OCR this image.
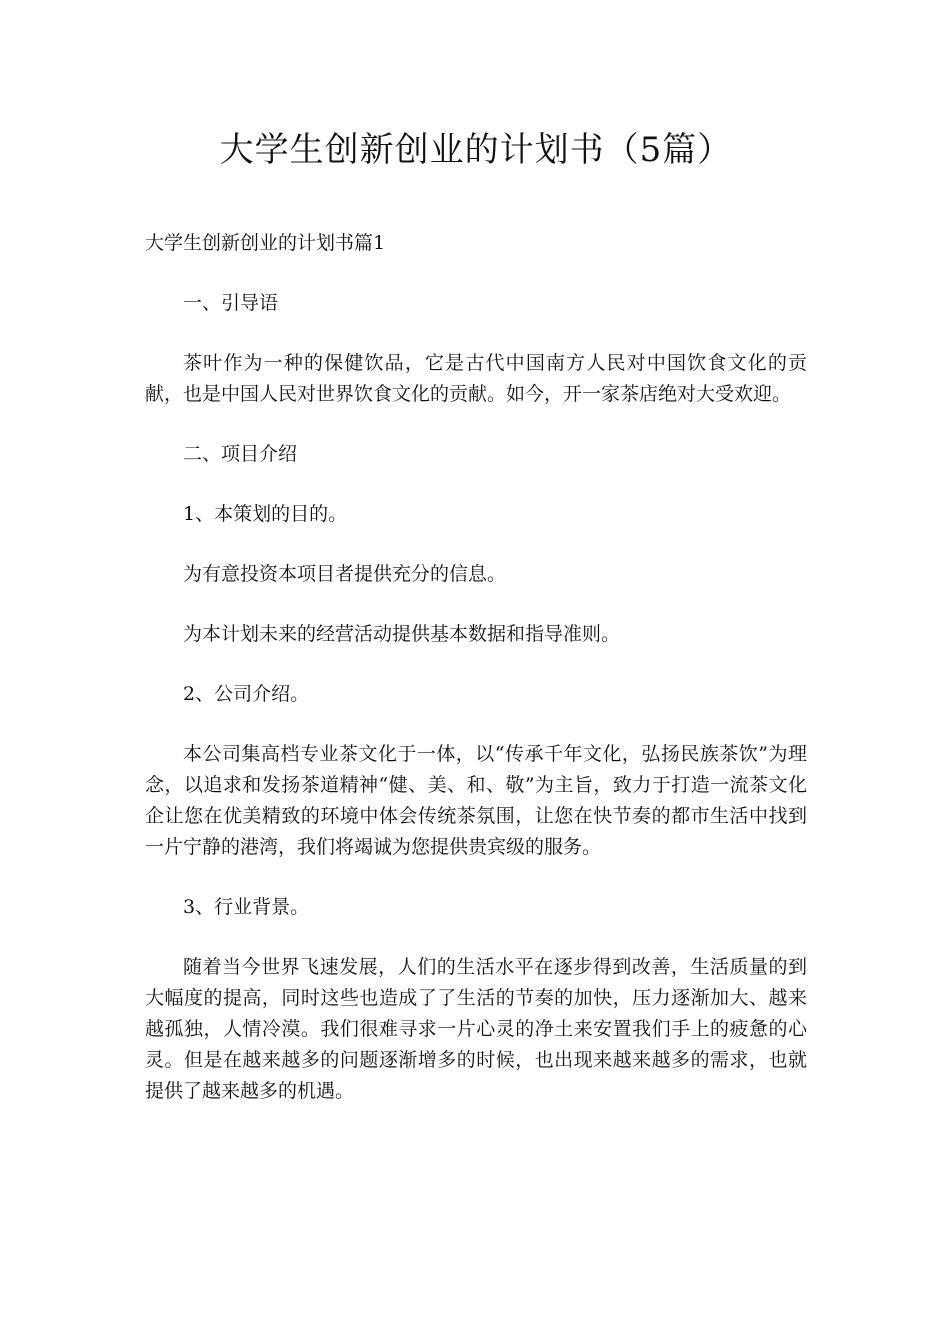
大学生创新创业的计划书（5篇）

大学生创新创业的计划书篇1

一、引导语

茶叶作为一种的保健饮品，它是古代中国南方人民对中国饮食文化的贡献，也是中国人民对世界饮食文化的贡献。如今，开一家茶店绝对大受欢迎。

二、项目介绍

1、本策划的目的。

为有意投资本项目者提供充分的信息。

为本计划未来的经营活动提供基本数据和指导准则。

2、公司介绍。

本公司集高档专业茶文化于一体，以“传承千年文化，弘扬民族茶饮”为理念，以追求和发扬茶道精神“健、美、和、敬”为主旨，致力于打造一流茶文化企让您在优美精致的环境中体会传统茶氛围，让您在快节奏的都市生活中找到一片宁静的港湾，我们将竭诚为您提供贵宾级的服务。

3、行业背景。

随着当今世界飞速发展，人们的生活水平在逐步得到改善，生活质量的到大幅度的提高，同时这些也造成了了生活的节奏的加快，压力逐渐加大、越来越孤独，人情冷漠。我们很难寻求一片心灵的净土来安置我们手上的疲惫的心灵。但是在越来越多的问题逐渐增多的时候，也出现来越来越多的需求，也就提供了越来越多的机遇。
